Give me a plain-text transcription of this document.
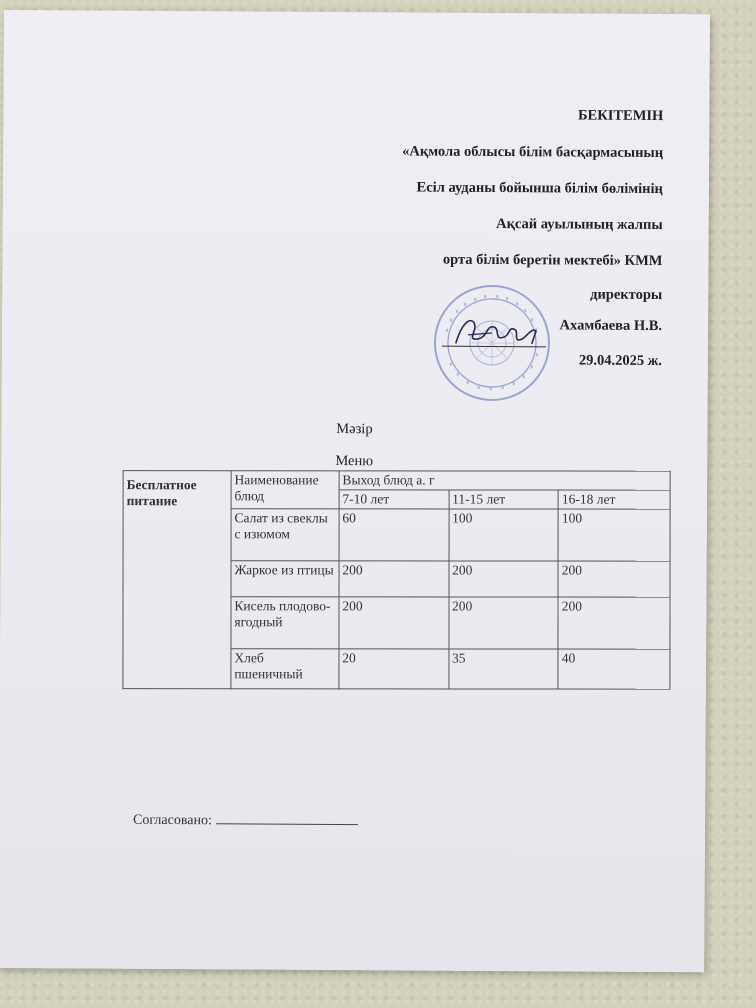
БЕКІТЕМІН
«Ақмола облысы білім басқармасының
Есіл ауданы бойынша білім бөлімінің
Ақсай ауылының жалпы
орта білім беретін мектебі» КММ
директоры
Ахамбаева Н.В.
29.04.2025 ж.
Мәзір
Меню
Бесплатное питание	Наименование блюд	Выход блюд а. г		
		7-10 лет	11-15 лет	16-18 лет
	Салат из свеклы с изюмом	60	100	100
	Жаркое из птицы	200	200	200
	Кисель плодово-ягодный	200	200	200
	Хлеб пшеничный	20	35	40
Согласовано:
